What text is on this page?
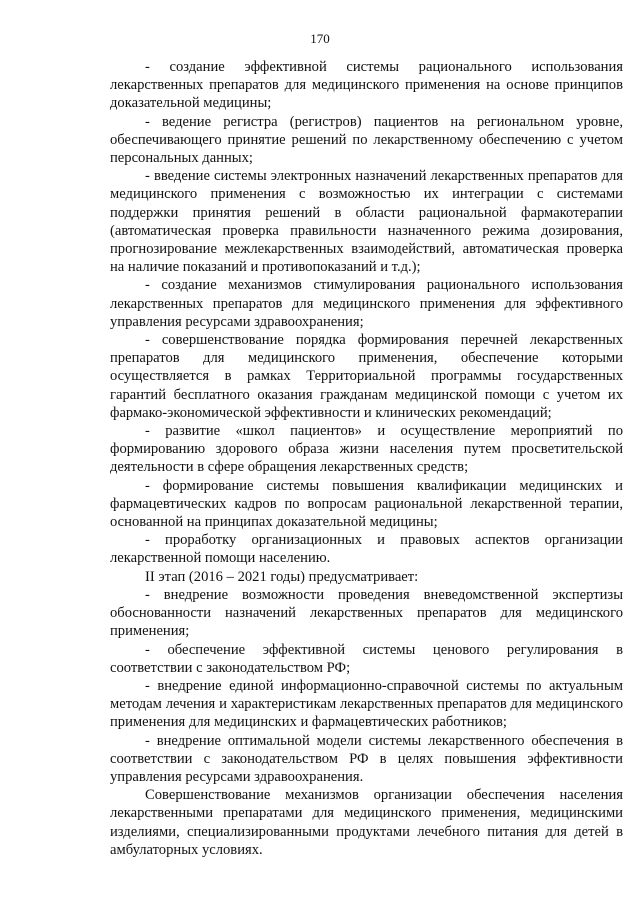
170

- создание эффективной системы рационального использования лекарственных препаратов для медицинского применения на основе принципов доказательной медицины;

- ведение регистра (регистров) пациентов на региональном уровне, обеспечивающего принятие решений по лекарственному обеспечению с учетом персональных данных;

- введение системы электронных назначений лекарственных препаратов для медицинского применения с возможностью их интеграции с системами поддержки принятия решений в области рациональной фармакотерапии (автоматическая проверка правильности назначенного режима дозирования, прогнозирование межлекарственных взаимодействий, автоматическая проверка на наличие показаний и противопоказаний и т.д.);

- создание механизмов стимулирования рационального использования лекарственных препаратов для медицинского применения для эффективного управления ресурсами здравоохранения;

- совершенствование порядка формирования перечней лекарственных препаратов для медицинского применения, обеспечение которыми осуществляется в рамках Территориальной программы государственных гарантий бесплатного оказания гражданам медицинской помощи с учетом их фармако-экономической эффективности и клинических рекомендаций;

- развитие «школ пациентов» и осуществление мероприятий по формированию здорового образа жизни населения путем просветительской деятельности в сфере обращения лекарственных средств;

- формирование системы повышения квалификации медицинских и фармацевтических кадров по вопросам рациональной лекарственной терапии, основанной на принципах доказательной медицины;

- проработку организационных и правовых аспектов организации лекарственной помощи населению.

II этап (2016 – 2021 годы) предусматривает:

- внедрение возможности проведения вневедомственной экспертизы обоснованности назначений лекарственных препаратов для медицинского применения;

- обеспечение эффективной системы ценового регулирования в соответствии с законодательством РФ;

- внедрение единой информационно-справочной системы по актуальным методам лечения и характеристикам лекарственных препаратов для медицинского применения для медицинских и фармацевтических работников;

- внедрение оптимальной модели системы лекарственного обеспечения в соответствии с законодательством РФ в целях повышения эффективности управления ресурсами здравоохранения.

Совершенствование механизмов организации обеспечения населения лекарственными препаратами для медицинского применения, медицинскими изделиями, специализированными продуктами лечебного питания для детей в амбулаторных условиях.
